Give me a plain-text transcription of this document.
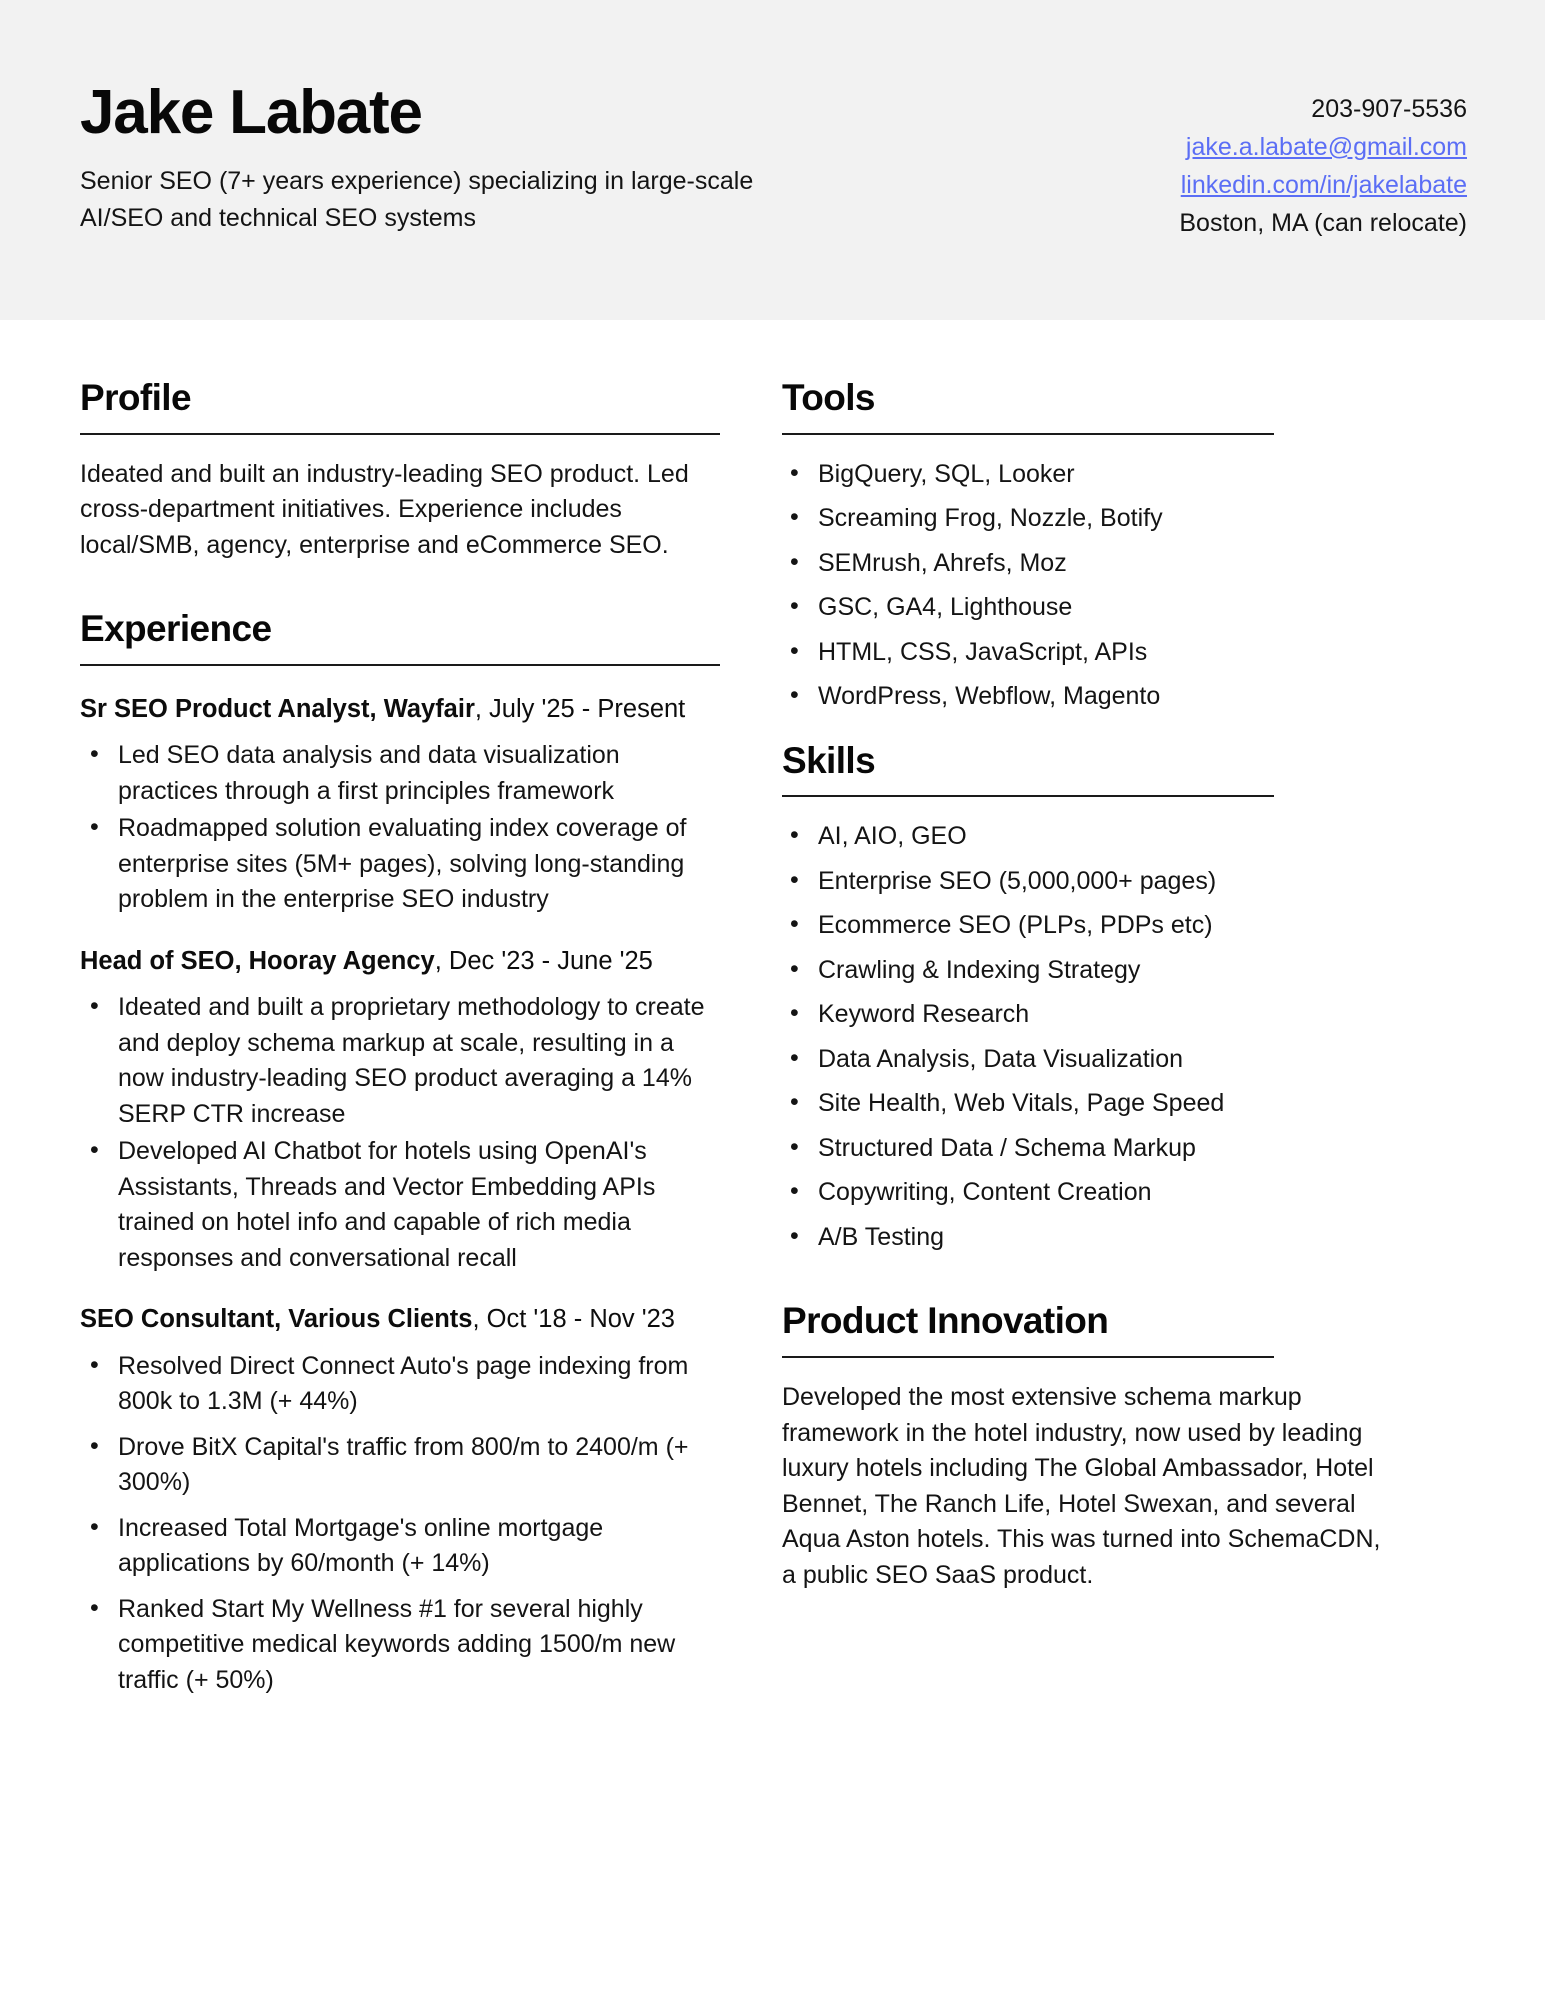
Jake Labate
Senior SEO (7+ years experience) specializing in large-scale AI/SEO and technical SEO systems
203-907-5536
jake.a.labate@gmail.com
linkedin.com/in/jakelabate
Boston, MA (can relocate)
Profile
Ideated and built an industry-leading SEO product. Led cross-department initiatives. Experience includes local/SMB, agency, enterprise and eCommerce SEO.
Experience
Sr SEO Product Analyst, Wayfair, July '25 - Present
• Led SEO data analysis and data visualization practices through a first principles framework
• Roadmapped solution evaluating index coverage of enterprise sites (5M+ pages), solving long-standing problem in the enterprise SEO industry
Head of SEO, Hooray Agency, Dec '23 - June '25
• Ideated and built a proprietary methodology to create and deploy schema markup at scale, resulting in a now industry-leading SEO product averaging a 14% SERP CTR increase
• Developed AI Chatbot for hotels using OpenAI's Assistants, Threads and Vector Embedding APIs trained on hotel info and capable of rich media responses and conversational recall
SEO Consultant, Various Clients, Oct '18 - Nov '23
• Resolved Direct Connect Auto's page indexing from 800k to 1.3M (+ 44%)
• Drove BitX Capital's traffic from 800/m to 2400/m (+ 300%)
• Increased Total Mortgage's online mortgage applications by 60/month (+ 14%)
• Ranked Start My Wellness #1 for several highly competitive medical keywords adding 1500/m new traffic (+ 50%)
Tools
• BigQuery, SQL, Looker
• Screaming Frog, Nozzle, Botify
• SEMrush, Ahrefs, Moz
• GSC, GA4, Lighthouse
• HTML, CSS, JavaScript, APIs
• WordPress, Webflow, Magento
Skills
• AI, AIO, GEO
• Enterprise SEO (5,000,000+ pages)
• Ecommerce SEO (PLPs, PDPs etc)
• Crawling & Indexing Strategy
• Keyword Research
• Data Analysis, Data Visualization
• Site Health, Web Vitals, Page Speed
• Structured Data / Schema Markup
• Copywriting, Content Creation
• A/B Testing
Product Innovation
Developed the most extensive schema markup framework in the hotel industry, now used by leading luxury hotels including The Global Ambassador, Hotel Bennet, The Ranch Life, Hotel Swexan, and several Aqua Aston hotels. This was turned into SchemaCDN, a public SEO SaaS product.
